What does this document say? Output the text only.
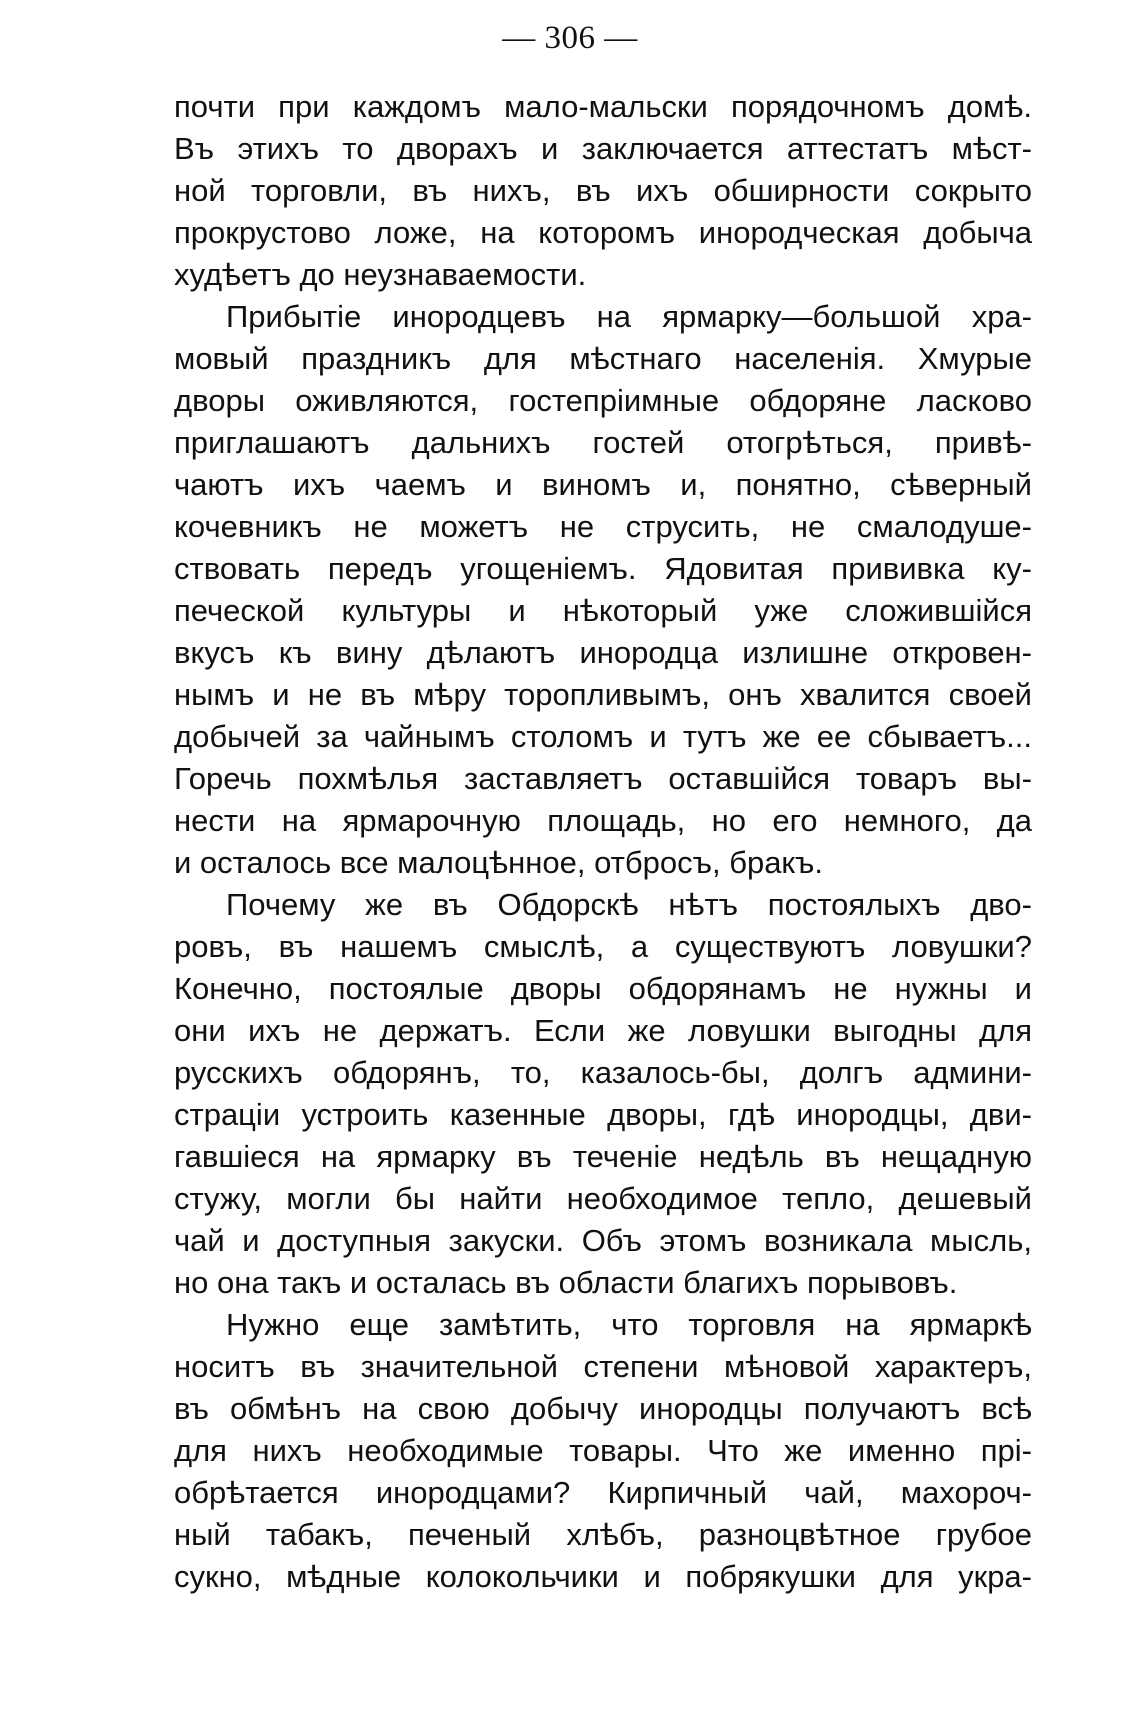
— 306 —
почти при каждомъ мало-мальски порядочномъ домѣ.
Въ этихъ то дворахъ и заключается аттестатъ мѣст-
ной торговли, въ нихъ, въ ихъ обширности сокрыто
прокрустово ложе, на которомъ инородческая добыча
худѣетъ до неузнаваемости.
Прибытіе инородцевъ на ярмарку—большой хра-
мовый праздникъ для мѣстнаго населенія. Хмурые
дворы оживляются, гостепріимные обдоряне ласково
приглашаютъ дальнихъ гостей отогрѣться, привѣ-
чаютъ ихъ чаемъ и виномъ и, понятно, сѣверный
кочевникъ не можетъ не струсить, не смалодуше-
ствовать передъ угощеніемъ. Ядовитая прививка ку-
печеской культуры и нѣкоторый уже сложившійся
вкусъ къ вину дѣлаютъ инородца излишне откровен-
нымъ и не въ мѣру торопливымъ, онъ хвалится своей
добычей за чайнымъ столомъ и тутъ же ее сбываетъ...
Горечь похмѣлья заставляетъ оставшійся товаръ вы-
нести на ярмарочную площадь, но его немного, да
и осталось все малоцѣнное, отбросъ, бракъ.
Почему же въ Обдорскѣ нѣтъ постоялыхъ дво-
ровъ, въ нашемъ смыслѣ, а существуютъ ловушки?
Конечно, постоялые дворы обдорянамъ не нужны и
они ихъ не держатъ. Если же ловушки выгодны для
русскихъ обдорянъ, то, казалось-бы, долгъ админи-
страціи устроить казенные дворы, гдѣ инородцы, дви-
гавшіеся на ярмарку въ теченіе недѣль въ нещадную
стужу, могли бы найти необходимое тепло, дешевый
чай и доступныя закуски. Объ этомъ возникала мысль,
но она такъ и осталась въ области благихъ порывовъ.
Нужно еще замѣтить, что торговля на ярмаркѣ
носитъ въ значительной степени мѣновой характеръ,
въ обмѣнъ на свою добычу инородцы получаютъ всѣ
для нихъ необходимые товары. Что же именно прі-
обрѣтается инородцами? Кирпичный чай, махороч-
ный табакъ, печеный хлѣбъ, разноцвѣтное грубое
сукно, мѣдные колокольчики и побрякушки для укра-
